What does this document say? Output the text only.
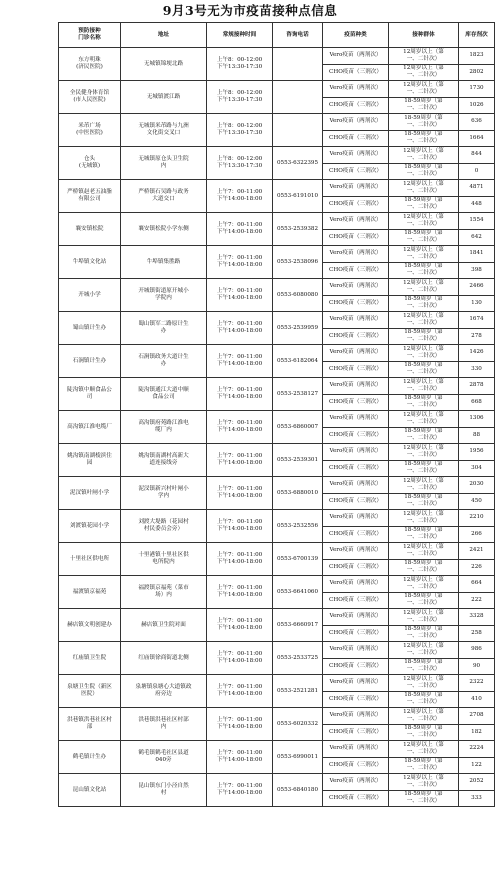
9月3号无为市疫苗接种点信息
预防接种
门诊名称	地址	常规接种时间	咨询电话	疫苗种类	接种群体	库存剂次
东方明珠
(济民医院)	无城镇锦埂北路	上午8：00-12:00
下午13:30-17:30		Vero疫苗（两剂次）	12周岁以上（第
一、二针次）	1823
				CHO疫苗（三剂次）	12周岁以上（第
一、二针次）	2802
全民健身体育馆
(市人民医院)	无城镇渡江路	上午8：00-12:00
下午13:30-17:30		Vero疫苗（两剂次）	12周岁以上（第
一、二针次）	1730
				CHO疫苗（三剂次）	18-59周岁（第
一、二针次）	1026
米芾广场
(中医医院)	无城镇米芾路与九洲
文化街交叉口	上午8：00-12:00
下午13:30-17:30		Vero疫苗（两剂次）	18-59周岁（第
一、二针次）	636
				CHO疫苗（三剂次）	18-59周岁（第
一、二针次）	1664
仓头
(无城镇)	无城镇原仓头卫生院
内	上午8：00-12:00
下午13:30-17:30	0553-6322395	Vero疫苗（两剂次）	12周岁以上（第
一、二针次）	844
				CHO疫苗（三剂次）	18-59周岁（第
一、二针次）	0
严桥镇赵老五油脂
有限公司	严桥镇石吴路与政务
大道交口	上午7：00-11:00
下午14:00-18:00	0553-6191010	Vero疫苗（两剂次）	12周岁以上（第
一、二针次）	4871
				CHO疫苗（三剂次）	18-59周岁（第
一、二针次）	448
襄安镇松院	襄安镇松院小学东侧	上午7：00-11:00
下午14:00-18:00	0553-2539382	Vero疫苗（两剂次）	12周岁以上（第
一、二针次）	1554
				CHO疫苗（三剂次）	18-59周岁（第
一、二针次）	642
牛埠镇文化站	牛埠镇集胜路	上午7：00-11:00
下午14:00-18:00	0553-2538096	Vero疫苗（两剂次）	12周岁以上（第
一、二针次）	1841
				CHO疫苗（三剂次）	18-59周岁（第
一、二针次）	398
开城小学	开城镇街道原开城小
学院内	上午7：00-11:00
下午14:00-18:00	0553-6080080	Vero疫苗（两剂次）	12周岁以上（第
一、二针次）	2466
				CHO疫苗（三剂次）	18-59周岁（第
一、二针次）	130
蜀山镇计生办	蜀山镇军二路原计生
办	上午7：00-11:00
下午14:00-18:00	0553-2539959	Vero疫苗（两剂次）	12周岁以上（第
一、二针次）	1674
				CHO疫苗（三剂次）	18-59周岁（第
一、二针次）	278
石涧镇计生办	石涧镇政务大道计生
办	上午7：00-11:00
下午14:00-18:00	0553-6182064	Vero疫苗（两剂次）	12周岁以上（第
一、二针次）	1426
				CHO疫苗（三剂次）	18-59周岁（第
一、二针次）	330
陡沟镇中顺食品公
司	陡沟镇通江大道中顺
食品公司	上午7：00-11:00
下午14:00-18:00	0553-2538127	Vero疫苗（两剂次）	12周岁以上（第
一、二针次）	2878
				CHO疫苗（三剂次）	18-59周岁（第
一、二针次）	668
高沟镇江淮电缆厂	高沟镇府苑路江淮电
缆厂内	上午7：00-11:00
下午14:00-18:00	0553-6860007	Vero疫苗（两剂次）	12周岁以上（第
一、二针次）	1306
				CHO疫苗（三剂次）	18-59周岁（第
一、二针次）	88
姚沟镇南湖棱滨住
园	姚沟镇南湖村高新大
道连接线旁	上午7：00-11:00
下午14:00-18:00	0553-2539301	Vero疫苗（两剂次）	12周岁以上（第
一、二针次）	1956
				CHO疫苗（三剂次）	18-59周岁（第
一、二针次）	304
泥汊镇叶闸小学	泥汊镇新兴村叶闸小
学内	上午7：00-11:00
下午14:00-18:00	0553-6880010	Vero疫苗（两剂次）	12周岁以上（第
一、二针次）	2030
				CHO疫苗（三剂次）	18-59周岁（第
一、二针次）	450
刘渡镇花园小学	刘渡大堤路（花园村
村民委员会旁）	上午7：00-11:00
下午14:00-18:00	0553-2532556	Vero疫苗（两剂次）	12周岁以上（第
一、二针次）	2210
				CHO疫苗（三剂次）	18-59周岁（第
一、二针次）	266
十里社区供电所	十里港镇十里社区供
电所院内	上午7：00-11:00
下午14:00-18:00	0553-6700139	Vero疫苗（两剂次）	12周岁以上（第
一、二针次）	2421
				CHO疫苗（三剂次）	18-59周岁（第
一、二针次）	226
福渡镇京福苑	福渡镇京福苑（菜市
场）内	上午7：00-11:00
下午14:00-18:00	0553-6641060	Vero疫苗（两剂次）	12周岁以上（第
一、二针次）	664
				CHO疫苗（三剂次）	18-59周岁（第
一、二针次）	222
赫店镇文明创建办	赫店镇卫生院对面	上午7：00-11:00
下午14:00-18:00	0553-6660917	Vero疫苗（两剂次）	12周岁以上（第
一、二针次）	3328
				CHO疫苗（三剂次）	18-59周岁（第
一、二针次）	258
红庙镇卫生院	红庙镇徐商街道北侧	上午7：00-11:00
下午14:00-18:00	0553-2533725	Vero疫苗（两剂次）	12周岁以上（第
一、二针次）	986
				CHO疫苗（三剂次）	18-59周岁（第
一、二针次）	90
泉塘卫生院（新区
医院）	泉塘镇泉塘心大道镇政
府旁边	上午7：00-11:00
下午14:00-18:00	0553-2521281	Vero疫苗（两剂次）	12周岁以上（第
一、二针次）	2322
				CHO疫苗（三剂次）	18-59周岁（第
一、二针次）	410
洪巷镇洪巷社区村
部	洪巷镇洪巷社区村部
内	上午7：00-11:00
下午14:00-18:00	0553-6020332	Vero疫苗（两剂次）	12周岁以上（第
一、二针次）	2708
				CHO疫苗（三剂次）	18-59周岁（第
一、二针次）	182
鹤毛镇计生办	鹤毛镇鹤毛社区县道
040旁	上午7：00-11:00
下午14:00-18:00	0553-6990011	Vero疫苗（两剂次）	12周岁以上（第
一、二针次）	2224
				CHO疫苗（三剂次）	18-59周岁（第
一、二针次）	122
昆山镇文化站	昆山镇东门小泾自然
村	上午7：00-11:00
下午14:00-18:00	0553-6840180	Vero疫苗（两剂次）	12周岁以上（第
一、二针次）	2052
				CHO疫苗（三剂次）	18-59周岁（第
一、二针次）	333
